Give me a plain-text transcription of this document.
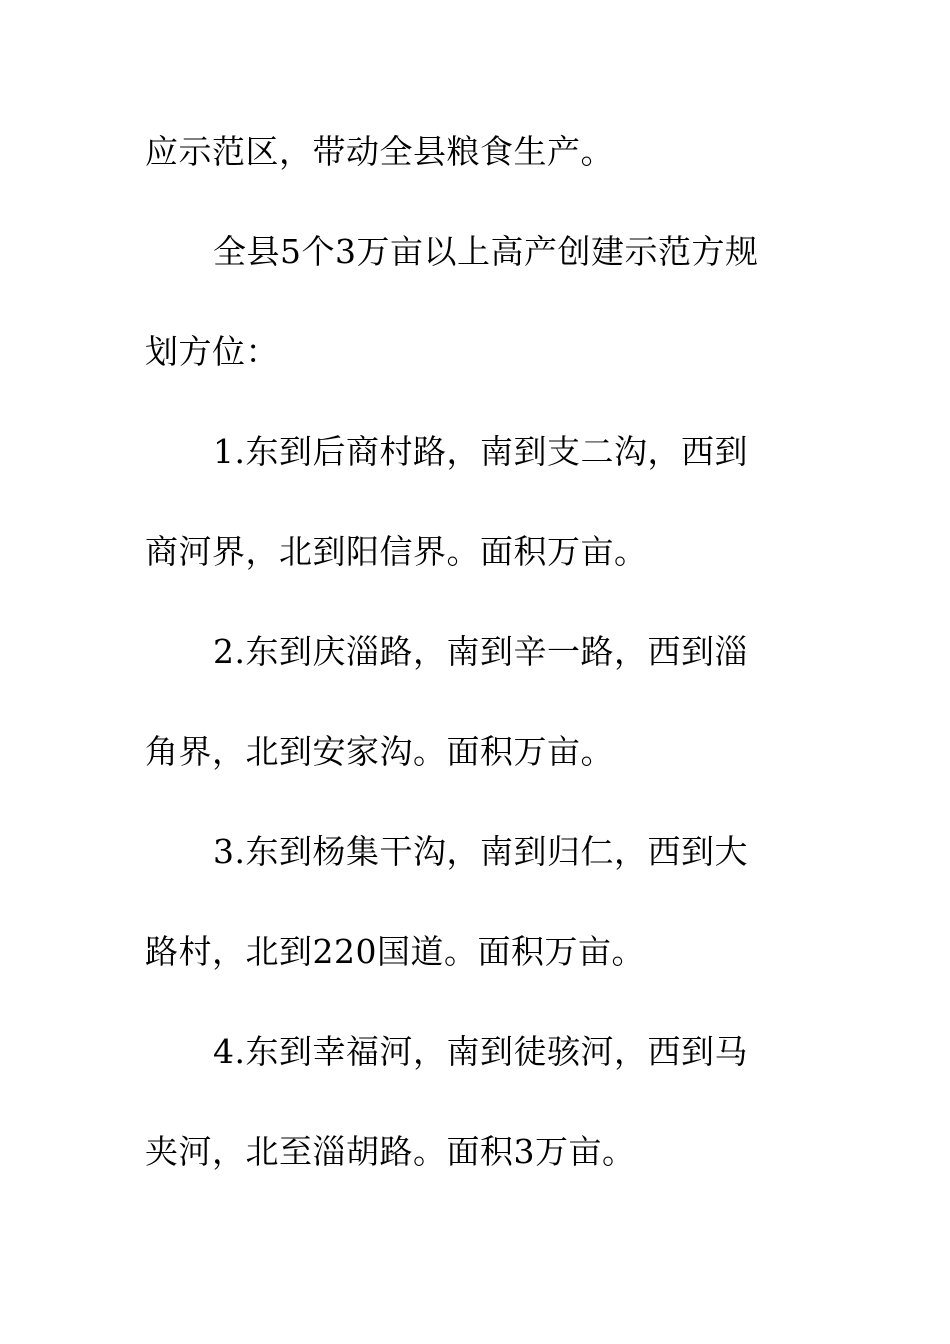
应示范区，带动全县粮食生产。
全县5个3万亩以上高产创建示范方规
划方位：
1.东到后商村路，南到支二沟，西到
商河界，北到阳信界。面积万亩。
2.东到庆淄路，南到辛一路，西到淄
角界，北到安家沟。面积万亩。
3.东到杨集干沟，南到归仁，西到大
路村，北到220国道。面积万亩。
4.东到幸福河，南到徒骇河，西到马
夹河，北至淄胡路。面积3万亩。
